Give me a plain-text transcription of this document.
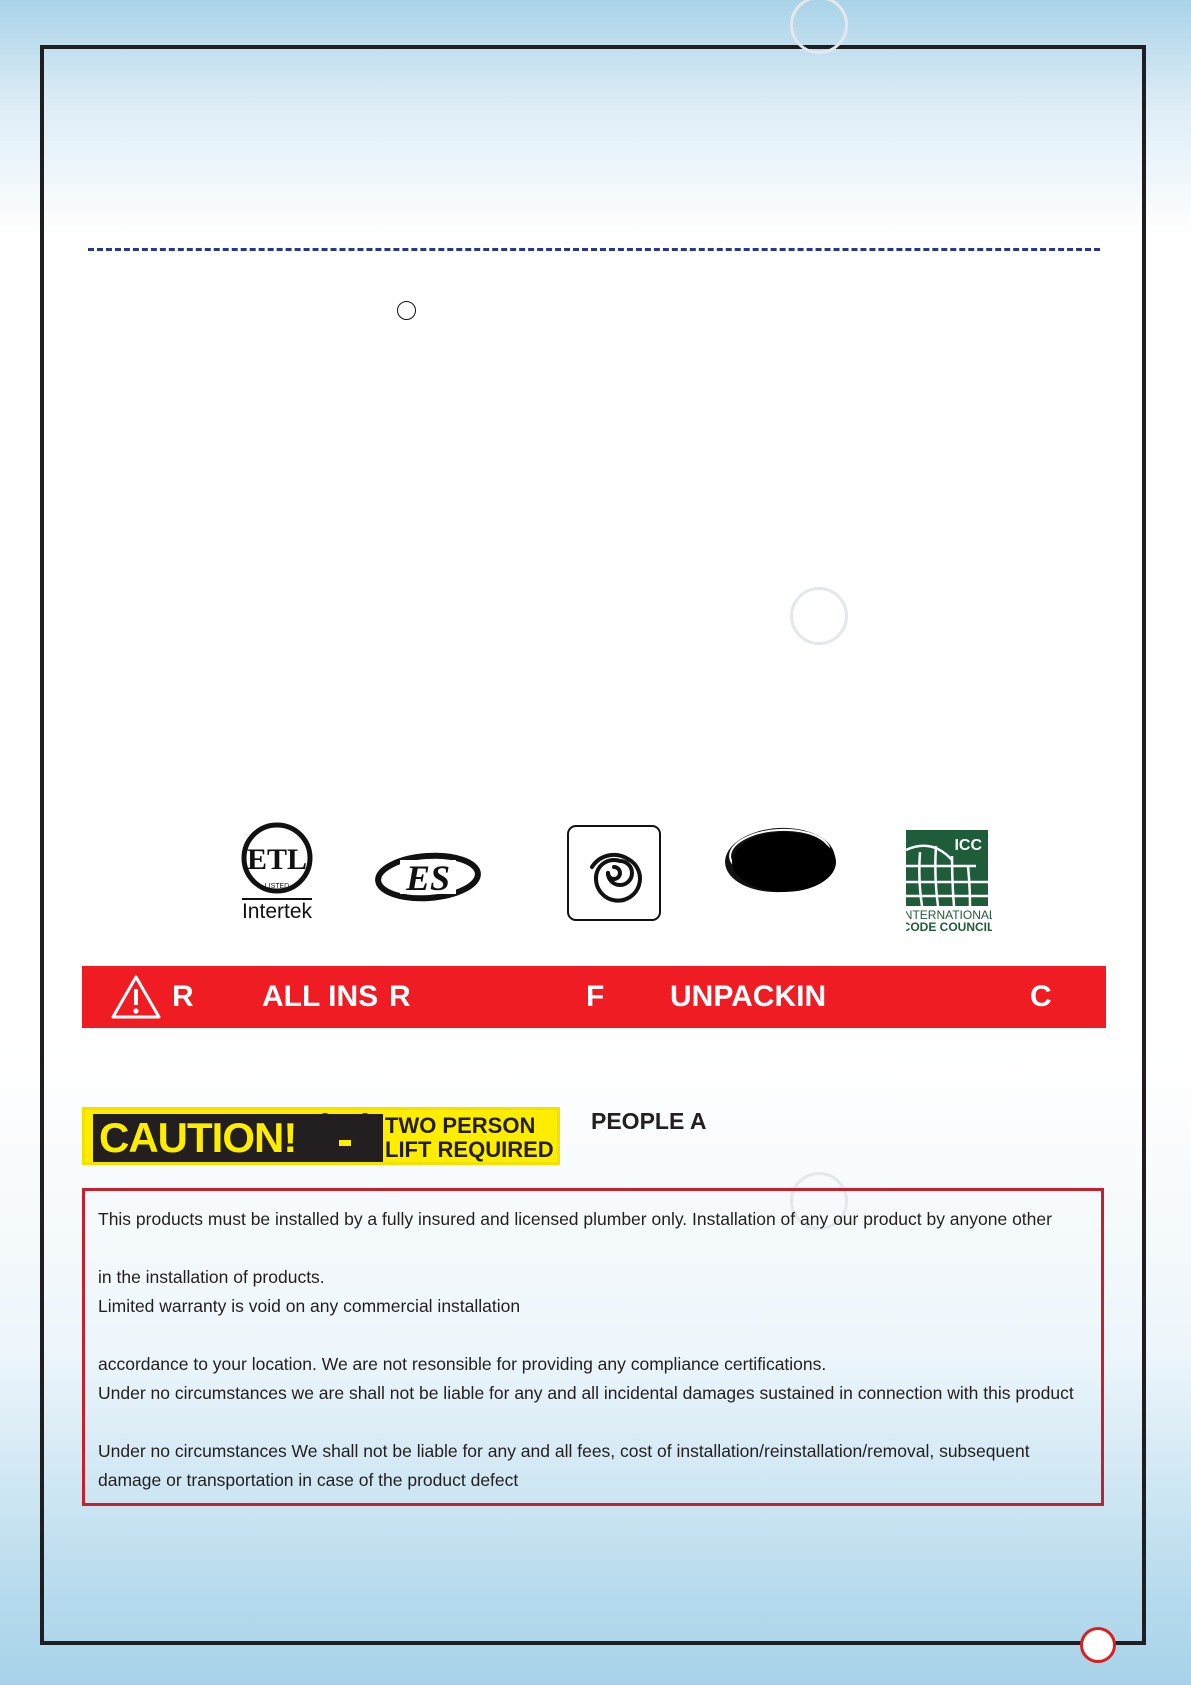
ETL
LISTED
Intertek
ES
ICC
INTERNATIONAL
CODE COUNCIL
R ALL INS R	F UNPACKIN	C
CAUTION!	TWO PERSON
LIFT REQUIRED
PEOPLE A
This products must be installed by a fully insured and licensed plumber only. Installation of any our product by anyone other
in the installation of products.
Limited warranty is void on any commercial installation
accordance to your location. We are not resonsible for providing any compliance certifications.
Under no circumstances we are shall not be liable for any and all incidental damages sustained in connection with this product
Under no circumstances We shall not be liable for any and all fees, cost of installation/reinstallation/removal, subsequent
damage or transportation in case of the product defect
